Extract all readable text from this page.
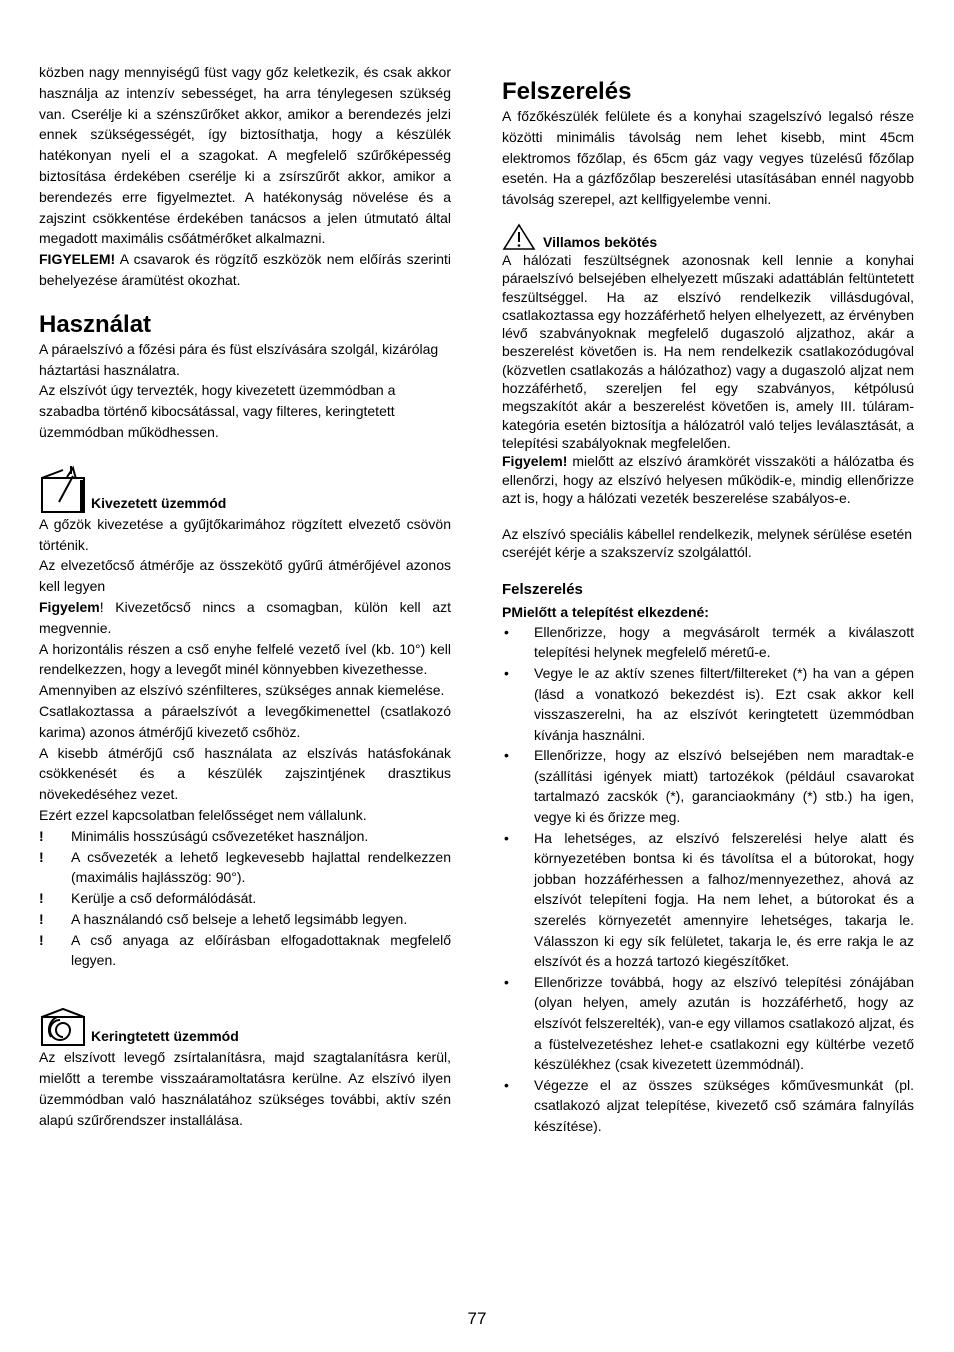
közben nagy mennyiségű füst vagy gőz keletkezik, és csak akkor használja az intenzív sebességet, ha arra ténylegesen szükség van. Cserélje ki a szénszűrőket akkor, amikor a berendezés jelzi ennek szükségességét, így biztosíthatja, hogy a készülék hatékonyan nyeli el a szagokat. A megfelelő szűrőképesség biztosítása érdekében cserélje ki a zsírszűrőt akkor, amikor a berendezés erre figyelmeztet. A hatékonyság növelése és a zajszint csökkentése érdekében tanácsos a jelen útmutató által megadott maximális csőátmérőket alkalmazni.

FIGYELEM! A csavarok és rögzítő eszközök nem előírás szerinti behelyezése áramütést okozhat.

Használat

A páraelszívó a főzési pára és füst elszívására szolgál, kizárólag háztartási használatra.

Az elszívót úgy tervezték, hogy kivezetett üzemmódban a szabadba történő kibocsátással, vagy filteres, keringtetett üzemmódban működhessen.

Kivezetett üzemmód

A gőzök kivezetése a gyűjtőkarimához rögzített elvezető csövön történik.

Az elvezetőcső átmérője az összekötő gyűrű átmérőjével azonos kell legyen

Figyelem! Kivezetőcső nincs a csomagban, külön kell azt megvennie.

A horizontális részen a cső enyhe felfelé vezető ível (kb. 10°) kell rendelkezzen, hogy a levegőt minél könnyebben kivezethesse.

Amennyiben az elszívó szénfilteres, szükséges annak kiemelése.

Csatlakoztassa a páraelszívót a levegőkimenettel (csatlakozó karima) azonos átmérőjű kivezető csőhöz.

A kisebb átmérőjű cső használata az elszívás hatásfokának csökkenését és a készülék zajszintjének drasztikus növekedéséhez vezet.

Ezért ezzel kapcsolatban felelősséget nem vállalunk.

! Minimális hosszúságú csővezetéket használjon.
! A csővezeték a lehető legkevesebb hajlattal rendelkezzen (maximális hajlásszög: 90°).
! Kerülje a cső deformálódását.
! A használandó cső belseje a lehető legsimább legyen.
! A cső anyaga az előírásban elfogadottaknak megfelelő legyen.
Keringtetett üzemmód

Az elszívott levegő zsírtalanításra, majd szagtalanításra kerül, mielőtt a terembe visszaáramoltatásra kerülne. Az elszívó ilyen üzemmódban való használatához szükséges további, aktív szén alapú szűrőrendszer installálása.

Felszerelés

A főzőkészülék felülete és a konyhai szagelszívó legalsó része közötti minimális távolság nem lehet kisebb, mint 45cm elektromos főzőlap, és 65cm gáz vagy vegyes tüzelésű főzőlap esetén. Ha a gázfőzőlap beszerelési utasításában ennél nagyobb távolság szerepel, azt kellfigyelembe venni.

Villamos bekötés

A hálózati feszültségnek azonosnak kell lennie a konyhai páraelszívó belsejében elhelyezett műszaki adattáblán feltüntetett feszültséggel. Ha az elszívó rendelkezik villásdugóval, csatlakoztassa egy hozzáférhető helyen elhelyezett, az érvényben lévő szabványoknak megfelelő dugaszoló aljzathoz, akár a beszerelést követően is. Ha nem rendelkezik csatlakozódugóval (közvetlen csatlakozás a hálózathoz) vagy a dugaszoló aljzat nem hozzáférhető, szereljen fel egy szabványos, kétpólusú megszakítót akár a beszerelést követően is, amely III. túláram-kategória esetén biztosítja a hálózatról való teljes leválasztását, a telepítési szabályoknak megfelelően.

Figyelem! mielőtt az elszívó áramkörét visszaköti a hálózatba és ellenőrzi, hogy az elszívó helyesen működik-e, mindig ellenőrizze azt is, hogy a hálózati vezeték beszerelése szabályos-e.

Az elszívó speciális kábellel rendelkezik, melynek sérülése esetén cseréjét kérje a szakszervíz szolgálattól.

Felszerelés
PMielőtt a telepítést elkezdené:
• Ellenőrizze, hogy a megvásárolt termék a kiválaszott telepítési helynek megfelelő méretű-e.
• Vegye le az aktív szenes filtert/filtereket (*) ha van a gépen (lásd a vonatkozó bekezdést is). Ezt csak akkor kell visszaszerelni, ha az elszívót keringtetett üzemmódban kívánja használni.
• Ellenőrizze, hogy az elszívó belsejében nem maradtak-e (szállítási igények miatt) tartozékok (például csavarokat tartalmazó zacskók (*), garanciaokmány (*) stb.) ha igen, vegye ki és őrizze meg.
• Ha lehetséges, az elszívó felszerelési helye alatt és környezetében bontsa ki és távolítsa el a bútorokat, hogy jobban hozzáférhessen a falhoz/mennyezethez, ahová az elszívót telepíteni fogja. Ha nem lehet, a bútorokat és a szerelés környezetét amennyire lehetséges, takarja le. Válasszon ki egy sík felületet, takarja le, és erre rakja le az elszívót és a hozzá tartozó kiegészítőket.
• Ellenőrizze továbbá, hogy az elszívó telepítési zónájában (olyan helyen, amely azután is hozzáférhető, hogy az elszívót felszerelték), van-e egy villamos csatlakozó aljzat, és a füstelvezetéshez lehet-e csatlakozni egy kültérbe vezető készülékhez (csak kivezetett üzemmódnál).
• Végezze el az összes szükséges kőművesmunkát (pl. csatlakozó aljzat telepítése, kivezető cső számára falnyílás készítése).
77
